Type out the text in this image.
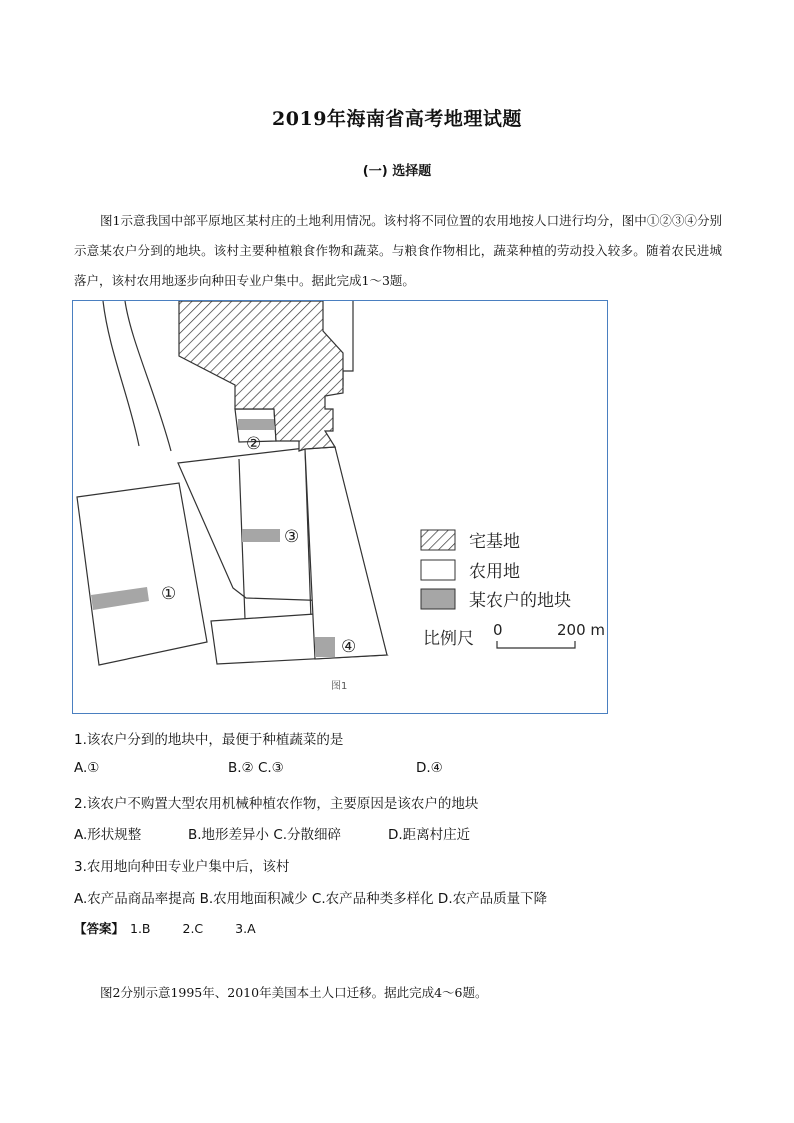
2019年海南省高考地理试题
(一) 选择题

图1示意我国中部平原地区某村庄的土地利用情况。该村将不同位置的农用地按人口进行均分，图中①②③④分别示意某农户分到的地块。该村主要种植粮食作物和蔬菜。与粮食作物相比，蔬菜种植的劳动投入较多。随着农民进城落户，该村农用地逐步向种田专业户集中。据此完成1～3题。

①
②
③
④
宅基地
农用地
某农户的地块
比例尺 0	200 m
图1
1.该农户分到的地块中，最便于种植蔬菜的是
A.①	B.② C.③	D.④
2.该农户不购置大型农用机械种植农作物，主要原因是该农户的地块
A.形状规整	B.地形差异小 C.分散细碎	D.距离村庄近
3.农用地向种田专业户集中后，该村
A.农产品商品率提高 B.农用地面积减少 C.农产品种类多样化 D.农产品质量下降
【答案】 1.B	2.C	3.A

图2分别示意1995年、2010年美国本土人口迁移。据此完成4～6题。
